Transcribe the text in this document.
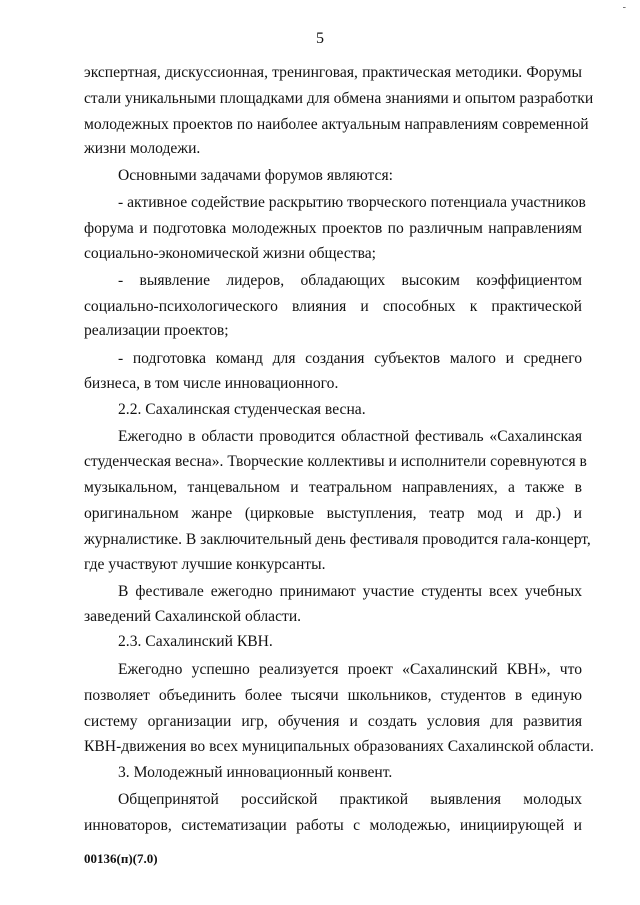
5
-
экспертная, дискуссионная, тренинговая, практическая методики. Форумы
стали уникальными площадками для обмена знаниями и опытом разработки
молодежных проектов по наиболее актуальным направлениям современной
жизни молодежи.
Основными задачами форумов являются:
- активное содействие раскрытию творческого потенциала участников
форума и подготовка молодежных проектов по различным направлениям
социально-экономической жизни общества;
- выявление лидеров, обладающих высоким коэффициентом
социально-психологического влияния и способных к практической
реализации проектов;
- подготовка команд для создания субъектов малого и среднего
бизнеса, в том числе инновационного.
2.2. Сахалинская студенческая весна.
Ежегодно в области проводится областной фестиваль «Сахалинская
студенческая весна». Творческие коллективы и исполнители соревнуются в
музыкальном, танцевальном и театральном направлениях, а также в
оригинальном жанре (цирковые выступления, театр мод и др.) и
журналистике. В заключительный день фестиваля проводится гала-концерт,
где участвуют лучшие конкурсанты.
В фестивале ежегодно принимают участие студенты всех учебных
заведений Сахалинской области.
2.3. Сахалинский КВН.
Ежегодно успешно реализуется проект «Сахалинский КВН», что
позволяет объединить более тысячи школьников, студентов в единую
систему организации игр, обучения и создать условия для развития
КВН-движения во всех муниципальных образованиях Сахалинской области.
3. Молодежный инновационный конвент.
Общепринятой российской практикой выявления молодых
инноваторов, систематизации работы с молодежью, инициирующей и
00136(п)(7.0)
